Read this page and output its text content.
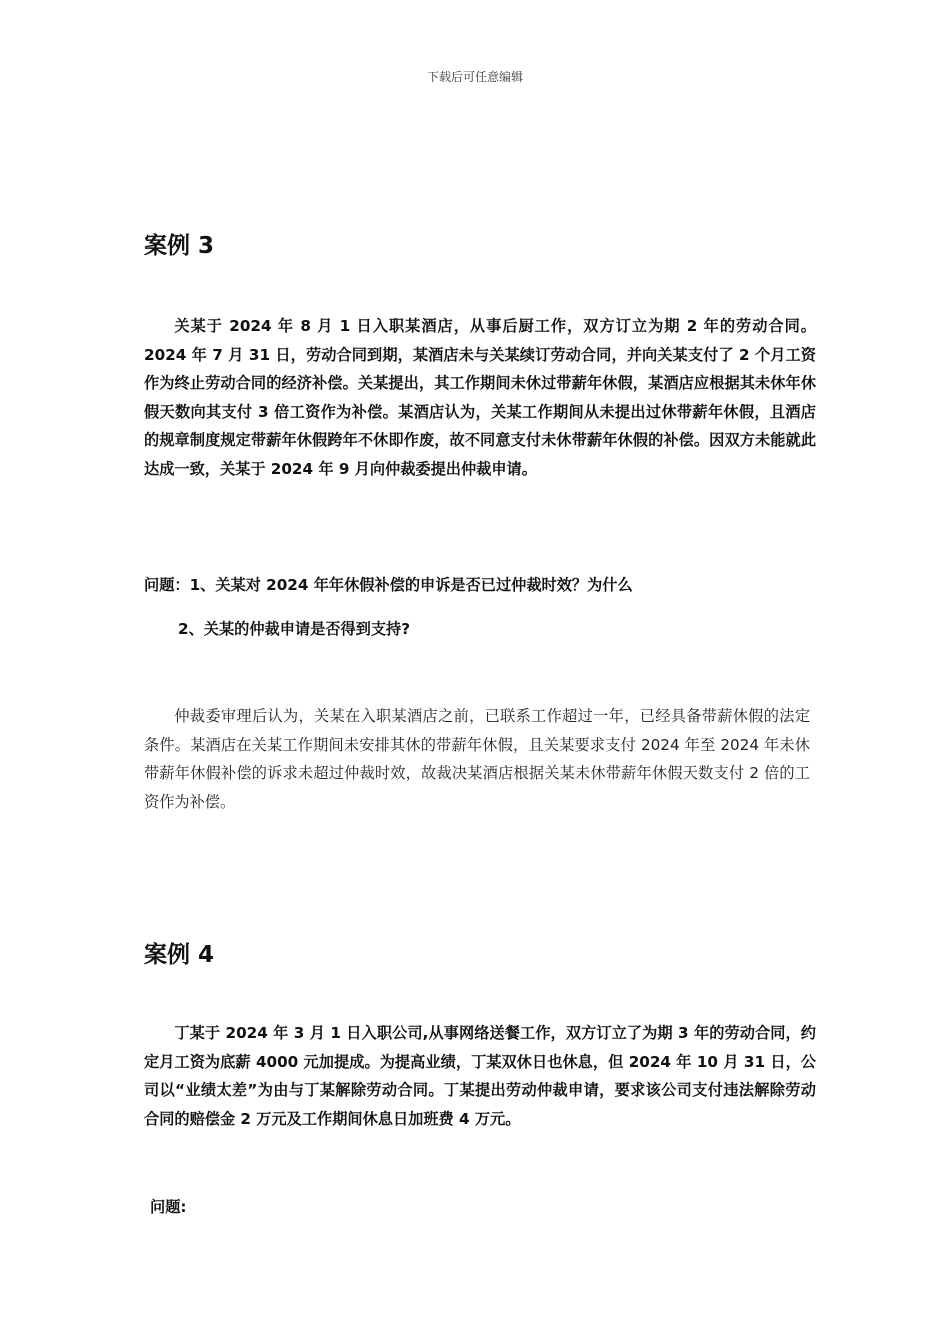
下载后可任意编辑
案例 3

关某于 2024 年 8 月 1 日入职某酒店，从事后厨工作，双方订立为期 2 年的劳动合同。2024 年 7 月 31 日，劳动合同到期，某酒店未与关某续订劳动合同，并向关某支付了 2 个月工资作为终止劳动合同的经济补偿。关某提出，其工作期间未休过带薪年休假，某酒店应根据其未休年休假天数向其支付 3 倍工资作为补偿。某酒店认为，关某工作期间从未提出过休带薪年休假，且酒店的规章制度规定带薪年休假跨年不休即作废，故不同意支付未休带薪年休假的补偿。因双方未能就此达成一致，关某于 2024 年 9 月向仲裁委提出仲裁申请。

问题：1、关某对 2024 年年休假补偿的申诉是否已过仲裁时效？为什么

2、关某的仲裁申请是否得到支持?

仲裁委审理后认为，关某在入职某酒店之前，已联系工作超过一年，已经具备带薪休假的法定条件。某酒店在关某工作期间未安排其休的带薪年休假，且关某要求支付 2024 年至 2024 年未休带薪年休假补偿的诉求未超过仲裁时效，故裁决某酒店根据关某未休带薪年休假天数支付 2 倍的工资作为补偿。

案例 4

丁某于 2024 年 3 月 1 日入职公司,从事网络送餐工作，双方订立了为期 3 年的劳动合同，约定月工资为底薪 4000 元加提成。为提高业绩，丁某双休日也休息，但 2024 年 10 月 31 日，公司以“业绩太差”为由与丁某解除劳动合同。丁某提出劳动仲裁申请，要求该公司支付违法解除劳动合同的赔偿金 2 万元及工作期间休息日加班费 4 万元。

问题:
